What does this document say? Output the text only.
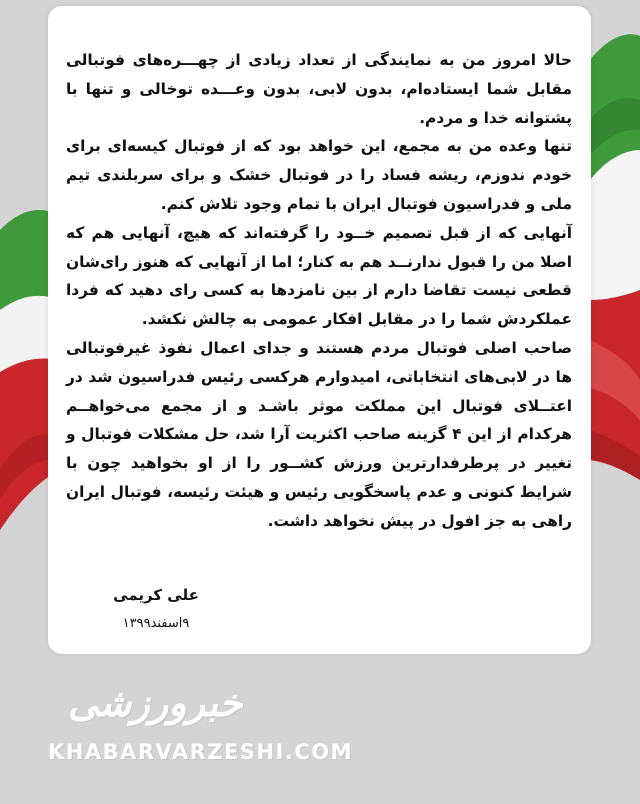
حالا امروز من به نمایندگی از تعداد زیادی از چهـــره‌های فوتبالی مقابل شما ایستاده‌ام، بدون لابی، بدون وعـــده توخالی و تنها با پشتوانه خدا و مردم.

تنها وعده من به مجمع، این خواهد بود که از فوتبال کیسه‌ای برای خودم ندوزم، ریشه فساد را در فوتبال خشک و برای سربلندی تیم ملی و فدراسیون فوتبال ایران با تمام وجود تلاش کنم.

آنهایی که از قبل تصمیم خــود را گرفته‌اند که هیچ، آنهایی هم که اصلا من را قبول ندارنــد هم به کنار؛ اما از آنهایی که هنوز رای‌شان قطعی نیست تقاضا دارم از بین نامزدها به کسی رای دهید که فردا عملکردش شما را در مقابل افکار عمومی به چالش نکشد.

صاحب اصلی فوتبال مردم هستند و جدای اعمال نفوذ غیرفوتبالی ها در لابی‌های انتخاباتی، امیدوارم هرکسی رئیس فدراسیون شد در اعتــلای فوتبال این مملکت موثر باشـد و از مجمع می‌خواهــم هرکدام از این ۴ گزینه صاحب اکثریت آرا شد، حل مشکلات فوتبال و تغییر در پرطرفدارترین ورزش کشــور را از او بخواهید چون با شرایط کنونی و عدم پاسخگویی رئیس و هیئت رئیسه، فوتبال ایران راهی به جز افول در پیش نخواهد داشت.

علی کریمی
۹اسفند۱۳۹۹
خبرورزشی
KHABARVARZESHI.COM
